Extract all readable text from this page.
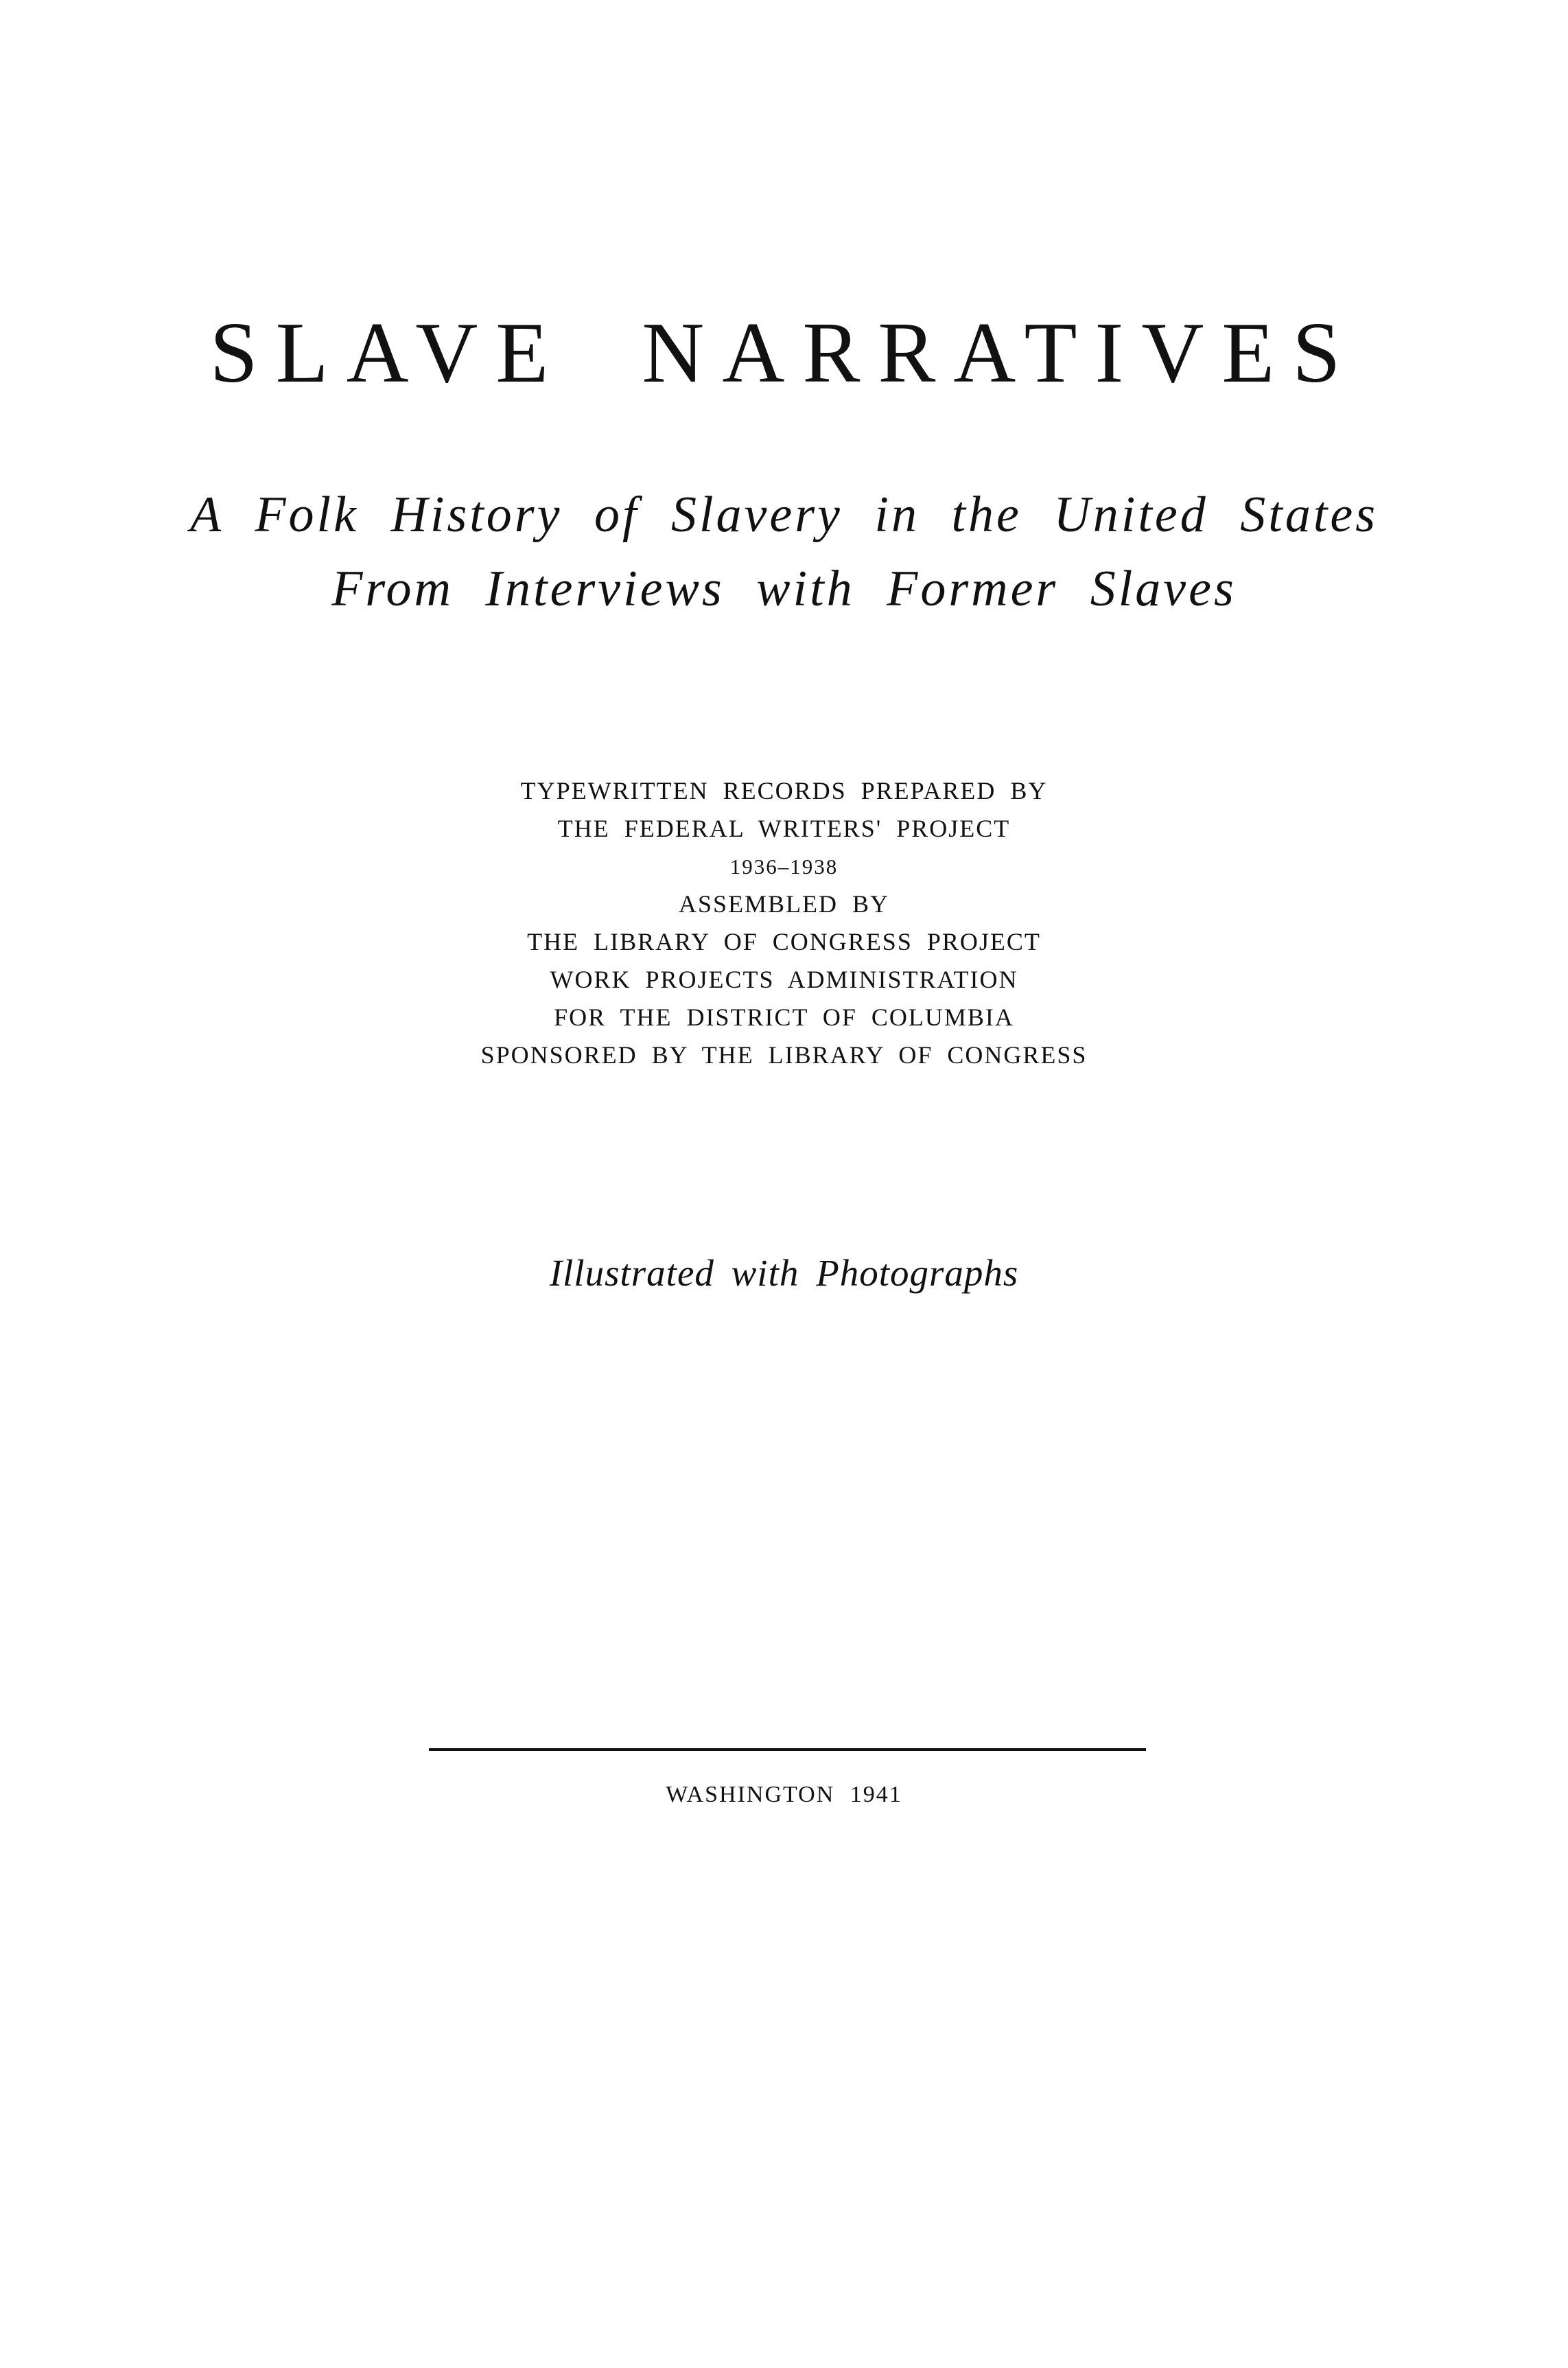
SLAVE NARRATIVES
A Folk History of Slavery in the United States
From Interviews with Former Slaves
TYPEWRITTEN RECORDS PREPARED BY
THE FEDERAL WRITERS' PROJECT
1936–1938
ASSEMBLED BY
THE LIBRARY OF CONGRESS PROJECT
WORK PROJECTS ADMINISTRATION
FOR THE DISTRICT OF COLUMBIA
SPONSORED BY THE LIBRARY OF CONGRESS
Illustrated with Photographs
WASHINGTON 1941
